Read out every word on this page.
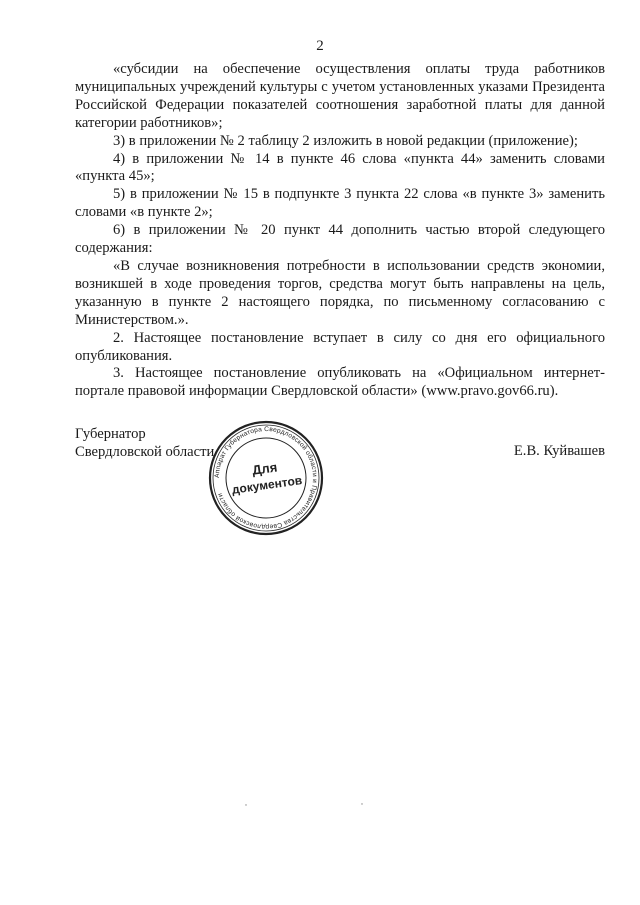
2

«субсидии на обеспечение осуществления оплаты труда работников муниципальных учреждений культуры с учетом установленных указами Президента Российской Федерации показателей соотношения заработной платы для данной категории работников»;

3) в приложении № 2 таблицу 2 изложить в новой редакции (приложение);

4) в приложении № 14 в пункте 46 слова «пункта 44» заменить словами «пункта 45»;

5) в приложении № 15 в подпункте 3 пункта 22 слова «в пункте 3» заменить словами «в пункте 2»;

6) в приложении № 20 пункт 44 дополнить частью второй следующего содержания:

«В случае возникновения потребности в использовании средств экономии, возникшей в ходе проведения торгов, средства могут быть направлены на цель, указанную в пункте 2 настоящего порядка, по письменному согласованию с Министерством.».

2. Настоящее постановление вступает в силу со дня его официального опубликования.

3. Настоящее постановление опубликовать на «Официальном интернет-портале правовой информации Свердловской области» (www.pravo.gov66.ru).

Губернатор
Свердловской области	Е.В. Куйвашев
Аппарат Губернатора Свердловской области и Правительства Свердловской области
Для
документов
